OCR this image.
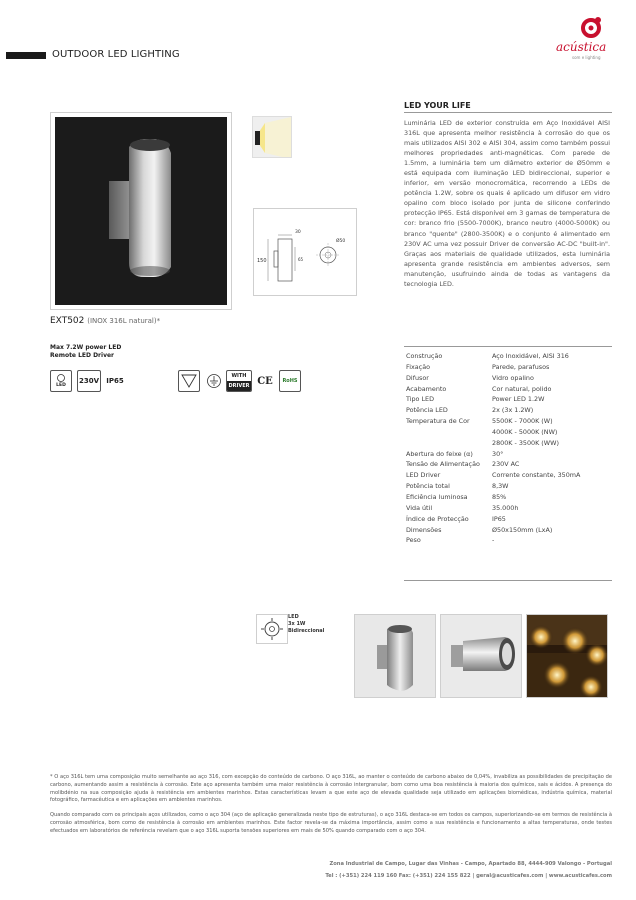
OUTDOOR LED LIGHTING
acústica
som e lighting
150	65
30
Ø50
EXT502 (INOX 316L natural)*
Max 7.2W power LED
Remote LED Driver
LED
230V	IP65
WITH
DRIVER CE	RoHS
LED YOUR LIFE
Luminária LED de exterior construída em Aço Inoxidável AISI 316L que apresenta melhor resistência à corrosão do que os mais utilizados AISI 302 e AISI 304, assim como também possui melhores propriedades anti-magnéticas. Com parede de 1.5mm, a luminária tem um diâmetro exterior de Ø50mm e está equipada com iluminação LED bidireccional, superior e inferior, em versão monocromática, recorrendo a LEDs de potência 1.2W, sobre os quais é aplicado um difusor em vidro opalino com bloco isolado por junta de silicone conferindo protecção IP65. Está disponível em 3 gamas de temperatura de cor: branco frio (5500-7000K), branco neutro (4000-5000K) ou branco "quente" (2800-3500K) e o conjunto é alimentado em 230V AC uma vez possuir Driver de conversão AC-DC "built-in". Graças aos materiais de qualidade utilizados, esta luminária apresenta grande resistência em ambientes adversos, sem manutenção, usufruindo ainda de todas as vantagens da tecnologia LED.
Construção	Aço Inoxidável, AISI 316
Fixação	Parede, parafusos
Difusor	Vidro opalino
Acabamento	Cor natural, polido
Tipo LED	Power LED 1.2W
Potência LED	2x (3x 1.2W)
Temperatura de Cor	5500K - 7000K (W)
4000K - 5000K (NW)
2800K - 3500K (WW)
Abertura do feixe (α)	30°
Tensão de Alimentação	230V AC
LED Driver	Corrente constante, 350mA
Potência total	8,3W
Eficiência luminosa	85%
Vida útil	35.000h
Índice de Protecção	IP65
Dimensões	Ø50x150mm (LxA)
Peso	-
LED
3x 1W
Bidireccional

* O aço 316L tem uma composição muito semelhante ao aço 316, com excepção do conteúdo de carbono. O aço 316L, ao manter o conteúdo de carbono abaixo de 0,04%, invabiliza as possibilidades de precipitação de carbono, aumentando assim a resistência à corrosão. Este aço apresenta também uma maior resistência à corrosão intergranular, bom como uma boa resistência à maioria dos químicos, sais e ácidos. A presença do molibdénio na sua composição ajuda à resistência em ambientes marinhos. Estas características levam a que este aço de elevada qualidade seja utilizado em aplicações biomédicas, indústria química, material fotográfico, farmacêutica e em aplicações em ambientes marinhos.

Quando comparado com os principais aços utilizados, como o aço 304 (aço de aplicação generalizada neste tipo de estruturas), o aço 316L destaca-se em todos os campos, superiorizando-se em termos de resistência à corrosão atmosférica, bom como de resistência à corrosão em ambientes marinhos. Este factor revela-se da máxima importância, assim como a sua resistência e funcionamento a altas temperaturas, onde testes efectuados em laboratórios de referência revelam que o aço 316L suporta tensões superiores em mais de 50% quando comparado com o aço 304.

Zona Industrial de Campo, Lugar das Vinhas - Campo, Apartado 88, 4444-909 Valongo - Portugal
Tel : (+351) 224 119 160 Fax: (+351) 224 155 822 | geral@acusticafes.com | www.acusticafes.com
